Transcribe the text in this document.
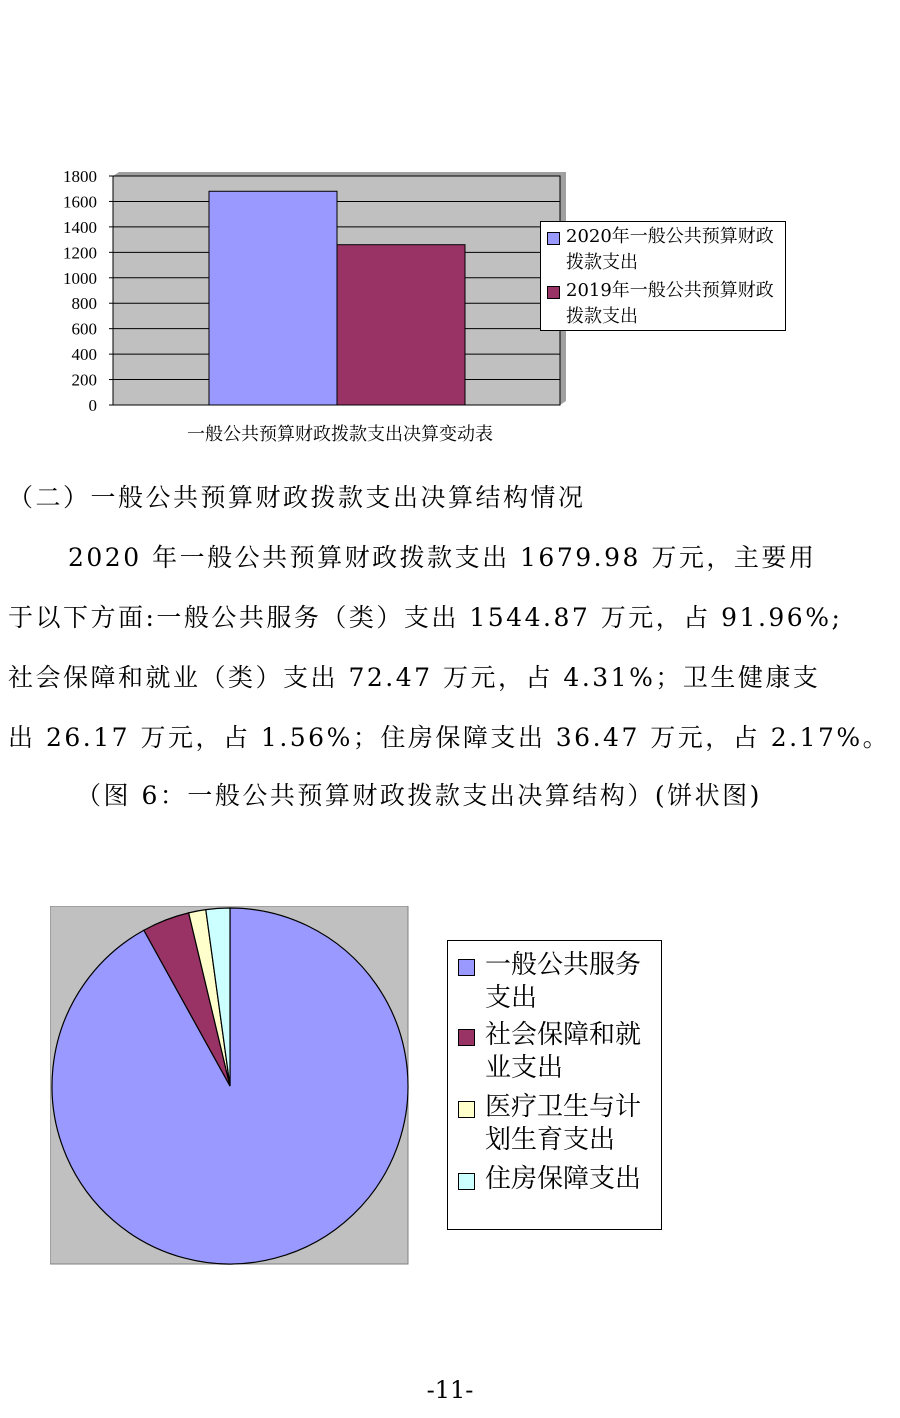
1800
1600
1400
1200
1000
800
600
400
200
0
2020年一般公共预算财政拨款支出
2019年一般公共预算财政拨款支出
一般公共预算财政拨款支出决算变动表
（二）一般公共预算财政拨款支出决算结构情况
2020 年一般公共预算财政拨款支出 1679.98 万元，主要用
于以下方面:一般公共服务（类）支出 1544.87 万元，占 91.96%;
社会保障和就业（类）支出 72.47 万元，占 4.31%；卫生健康支
出 26.17 万元，占 1.56%；住房保障支出 36.47 万元，占 2.17%。
（图 6：一般公共预算财政拨款支出决算结构）(饼状图)
一般公共服务支出
社会保障和就业支出
医疗卫生与计划生育支出
住房保障支出
-11-
